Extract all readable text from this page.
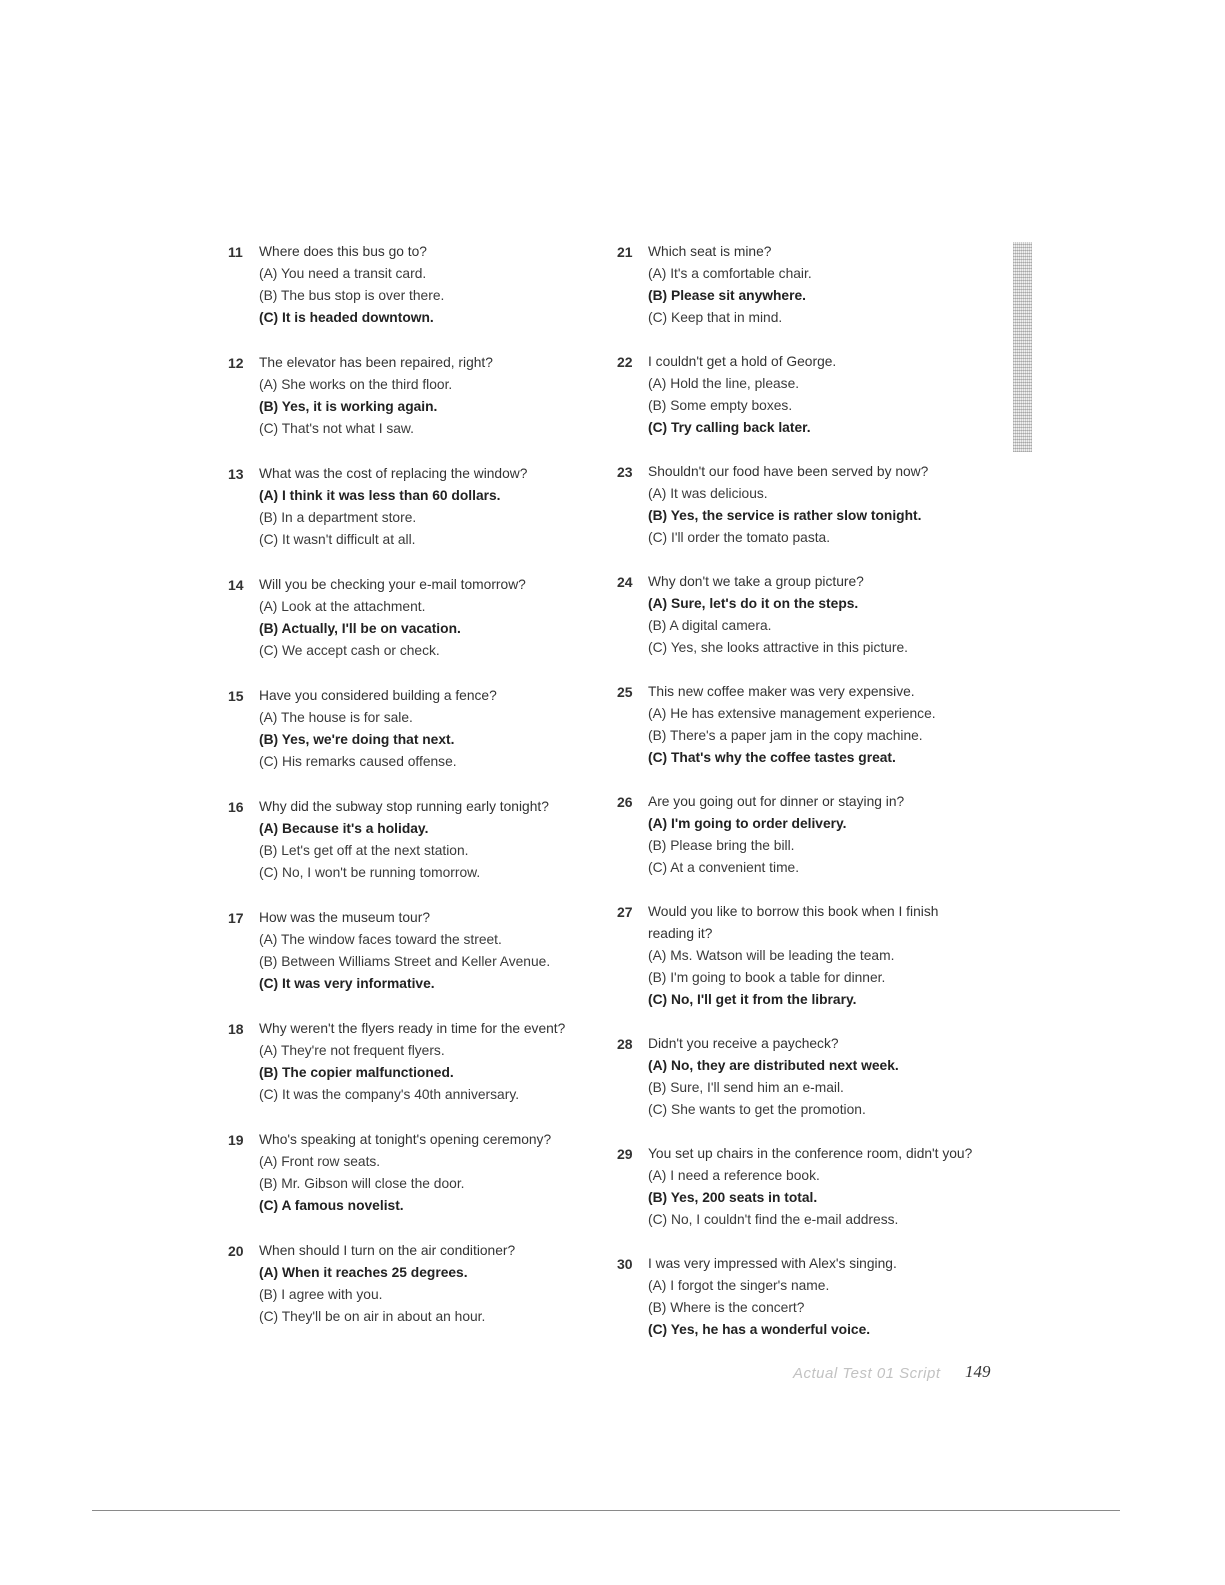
11 Where does this bus go to?
(A) You need a transit card.
(B) The bus stop is over there.
(C) It is headed downtown.
12 The elevator has been repaired, right?
(A) She works on the third floor.
(B) Yes, it is working again.
(C) That's not what I saw.
13 What was the cost of replacing the window?
(A) I think it was less than 60 dollars.
(B) In a department store.
(C) It wasn't difficult at all.
14 Will you be checking your e-mail tomorrow?
(A) Look at the attachment.
(B) Actually, I'll be on vacation.
(C) We accept cash or check.
15 Have you considered building a fence?
(A) The house is for sale.
(B) Yes, we're doing that next.
(C) His remarks caused offense.
16 Why did the subway stop running early tonight?
(A) Because it's a holiday.
(B) Let's get off at the next station.
(C) No, I won't be running tomorrow.
17 How was the museum tour?
(A) The window faces toward the street.
(B) Between Williams Street and Keller Avenue.
(C) It was very informative.
18 Why weren't the flyers ready in time for the event?
(A) They're not frequent flyers.
(B) The copier malfunctioned.
(C) It was the company's 40th anniversary.
19 Who's speaking at tonight's opening ceremony?
(A) Front row seats.
(B) Mr. Gibson will close the door.
(C) A famous novelist.
20 When should I turn on the air conditioner?
(A) When it reaches 25 degrees.
(B) I agree with you.
(C) They'll be on air in about an hour.
21 Which seat is mine?
(A) It's a comfortable chair.
(B) Please sit anywhere.
(C) Keep that in mind.
22 I couldn't get a hold of George.
(A) Hold the line, please.
(B) Some empty boxes.
(C) Try calling back later.
23 Shouldn't our food have been served by now?
(A) It was delicious.
(B) Yes, the service is rather slow tonight.
(C) I'll order the tomato pasta.
24 Why don't we take a group picture?
(A) Sure, let's do it on the steps.
(B) A digital camera.
(C) Yes, she looks attractive in this picture.
25 This new coffee maker was very expensive.
(A) He has extensive management experience.
(B) There's a paper jam in the copy machine.
(C) That's why the coffee tastes great.
26 Are you going out for dinner or staying in?
(A) I'm going to order delivery.
(B) Please bring the bill.
(C) At a convenient time.
27 Would you like to borrow this book when I finish reading it?
(A) Ms. Watson will be leading the team.
(B) I'm going to book a table for dinner.
(C) No, I'll get it from the library.
28 Didn't you receive a paycheck?
(A) No, they are distributed next week.
(B) Sure, I'll send him an e-mail.
(C) She wants to get the promotion.
29 You set up chairs in the conference room, didn't you?
(A) I need a reference book.
(B) Yes, 200 seats in total.
(C) No, I couldn't find the e-mail address.
30 I was very impressed with Alex's singing.
(A) I forgot the singer's name.
(B) Where is the concert?
(C) Yes, he has a wonderful voice.
Actual Test 01 Script 149
